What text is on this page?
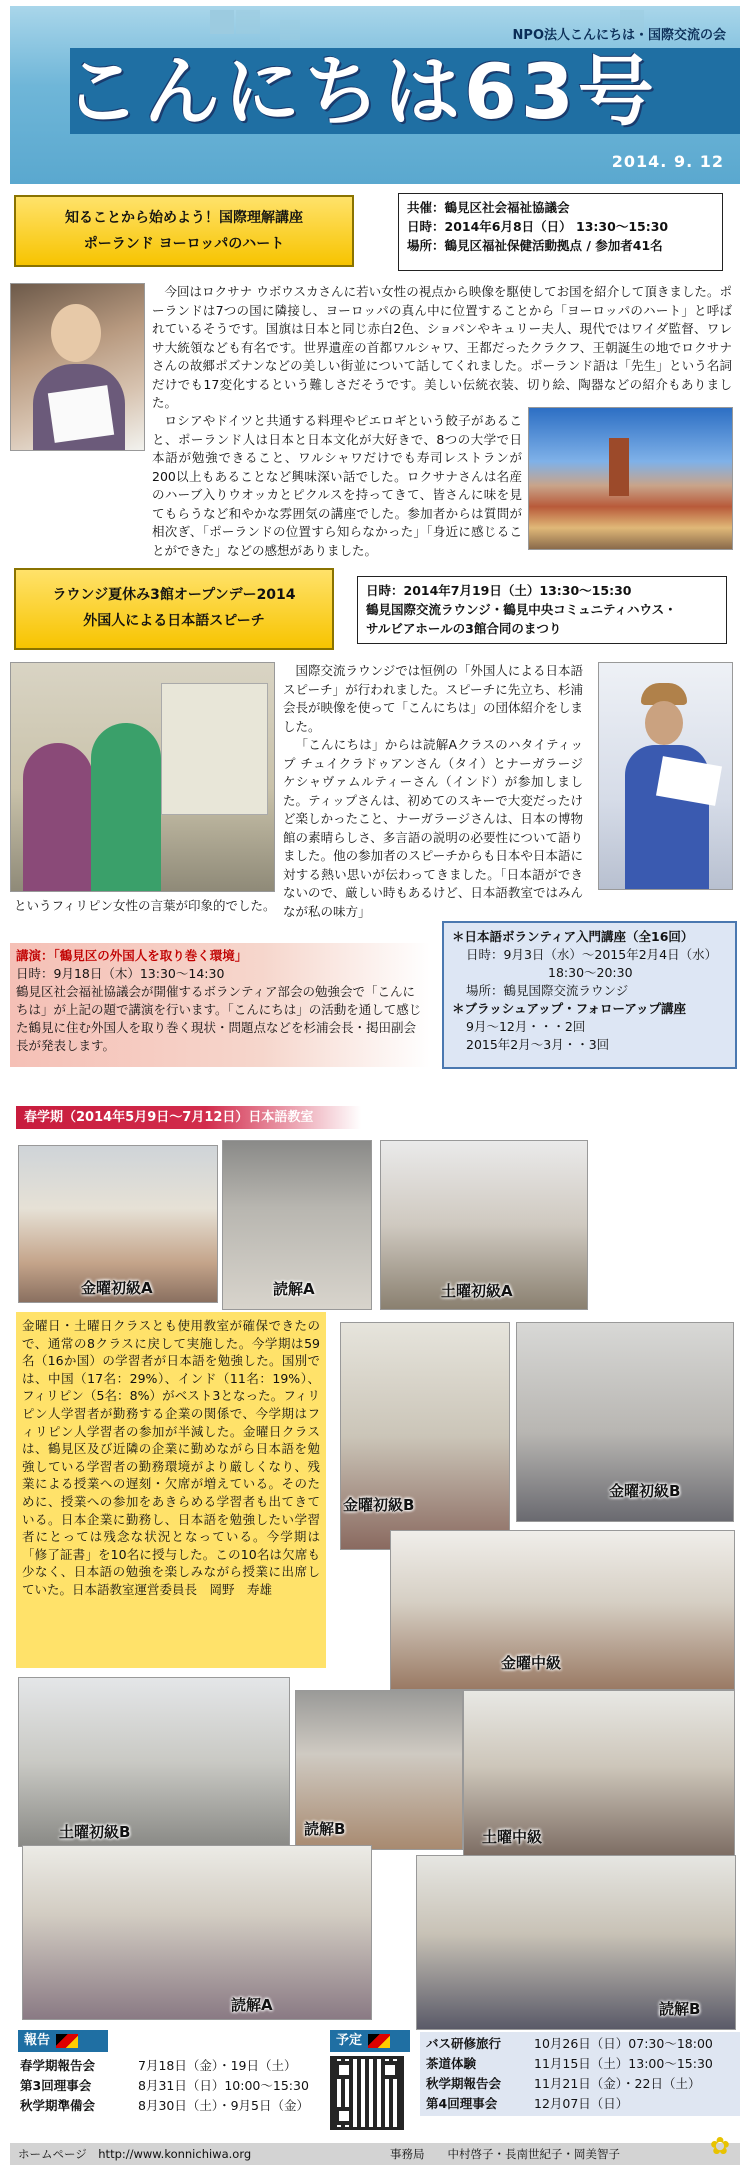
NPO法人こんにちは・国際交流の会
こんにちは63号
2014. 9. 12
知ることから始めよう！国際理解講座
ポーランド ヨーロッパのハート
共催：鶴見区社会福祉協議会
日時：2014年6月8日（日） 13:30～15:30
場所：鶴見区福祉保健活動拠点 / 参加者41名

今回はロクサナ ウボウスカさんに若い女性の視点から映像を駆使してお国を紹介して頂きました。ポーランドは7つの国に隣接し、ヨーロッパの真ん中に位置することから「ヨーロッパのハート」と呼ばれているそうです。国旗は日本と同じ赤白2色、ショパンやキュリー夫人、現代ではワイダ監督、ワレサ大統領なども有名です。世界遺産の首都ワルシャワ、王都だったクラクフ、王朝誕生の地でロクサナさんの故郷ポズナンなどの美しい街並について話してくれました。ポーランド語は「先生」という名詞だけでも17変化するという難しさだそうです。美しい伝統衣装、切り絵、陶器などの紹介もありました。

ロシアやドイツと共通する料理やピエロギという餃子があること、ポーランド人は日本と日本文化が大好きで、8つの大学で日本語が勉強できること、ワルシャワだけでも寿司レストランが200以上もあることなど興味深い話でした。ロクサナさんは名産のハーブ入りウオッカとピクルスを持ってきて、皆さんに味を見てもらうなど和やかな雰囲気の講座でした。参加者からは質問が相次ぎ、「ポーランドの位置すら知らなかった」「身近に感じることができた」などの感想がありました。

ラウンジ夏休み3館オープンデー2014
外国人による日本語スピーチ
日時：2014年7月19日（土）13:30～15:30
鶴見国際交流ラウンジ・鶴見中央コミュニティハウス・
サルビアホールの3館合同のまつり

国際交流ラウンジでは恒例の「外国人による日本語スピーチ」が行われました。スピーチに先立ち、杉浦会長が映像を使って「こんにちは」の団体紹介をしました。

「こんにちは」からは読解Aクラスのハタイティップ チュイクラドゥアンさん（タイ）とナーガラージ ケシャヴァムルティーさん（インド）が参加しました。ティップさんは、初めてのスキーで大変だったけど楽しかったこと、ナーガラージさんは、日本の博物館の素晴らしさ、多言語の説明の必要性について語りました。他の参加者のスピーチからも日本や日本語に対する熱い思いが伝わってきました。「日本語ができないので、厳しい時もあるけど、日本語教室ではみんなが私の味方」

というフィリピン女性の言葉が印象的でした。
講演：「鶴見区の外国人を取り巻く環境」
日時：9月18日（木）13:30～14:30
鶴見区社会福祉協議会が開催するボランティア部会の勉強会で「こんにちは」が上記の題で講演を行います。「こんにちは」の活動を通して感じた鶴見に住む外国人を取り巻く現状・問題点などを杉浦会長・掲田副会長が発表します。
＊日本語ボランティア入門講座（全16回）
日時：9月3日（水）～2015年2月4日（水）
18:30～20:30
場所：鶴見国際交流ラウンジ
＊ブラッシュアップ・フォローアップ講座
9月～12月・・・2回
2015年2月～3月・・3回
春学期（2014年5月9日～7月12日）日本語教室
金曜初級A	読解A	土曜初級A

金曜日・土曜日クラスとも使用教室が確保できたので、通常の8クラスに戻して実施した。今学期は59名（16か国）の学習者が日本語を勉強した。国別では、中国（17名：29%）、インド（11名：19%）、フィリピン（5名：8%）がベスト3となった。フィリピン人学習者が勤務する企業の関係で、今学期はフィリピン人学習者の参加が半減した。金曜日クラスは、鶴見区及び近隣の企業に勤めながら日本語を勉強している学習者の勤務環境がより厳しくなり、残業による授業への遅刻・欠席が増えている。そのために、授業への参加をあきらめる学習者も出てきている。日本企業に勤務し、日本語を勉強したい学習者にとっては残念な状況となっている。今学期は「修了証書」を10名に授与した。この10名は欠席も少なく、日本語の勉強を楽しみながら授業に出席していた。日本語教室運営委員長　岡野　寿雄

金曜初級B
金曜初級B
金曜中級
土曜初級B	読解B	土曜中級
読解A	読解B
報告
春学期報告会	7月18日（金）・19日（土）
第3回理事会	8月31日（日）10:00～15:30
秋学期準備会	8月30日（土）・9月5日（金）
予定	バス研修旅行	10月26日（日）07:30～18:00
茶道体験	11月15日（土）13:00～15:30
秋学期報告会	11月21日（金）・22日（土）
第4回理事会	12月07日（日）
ホームページ　http://www.konnichiwa.org	事務局　　中村啓子・長南世紀子・岡美智子	✿
